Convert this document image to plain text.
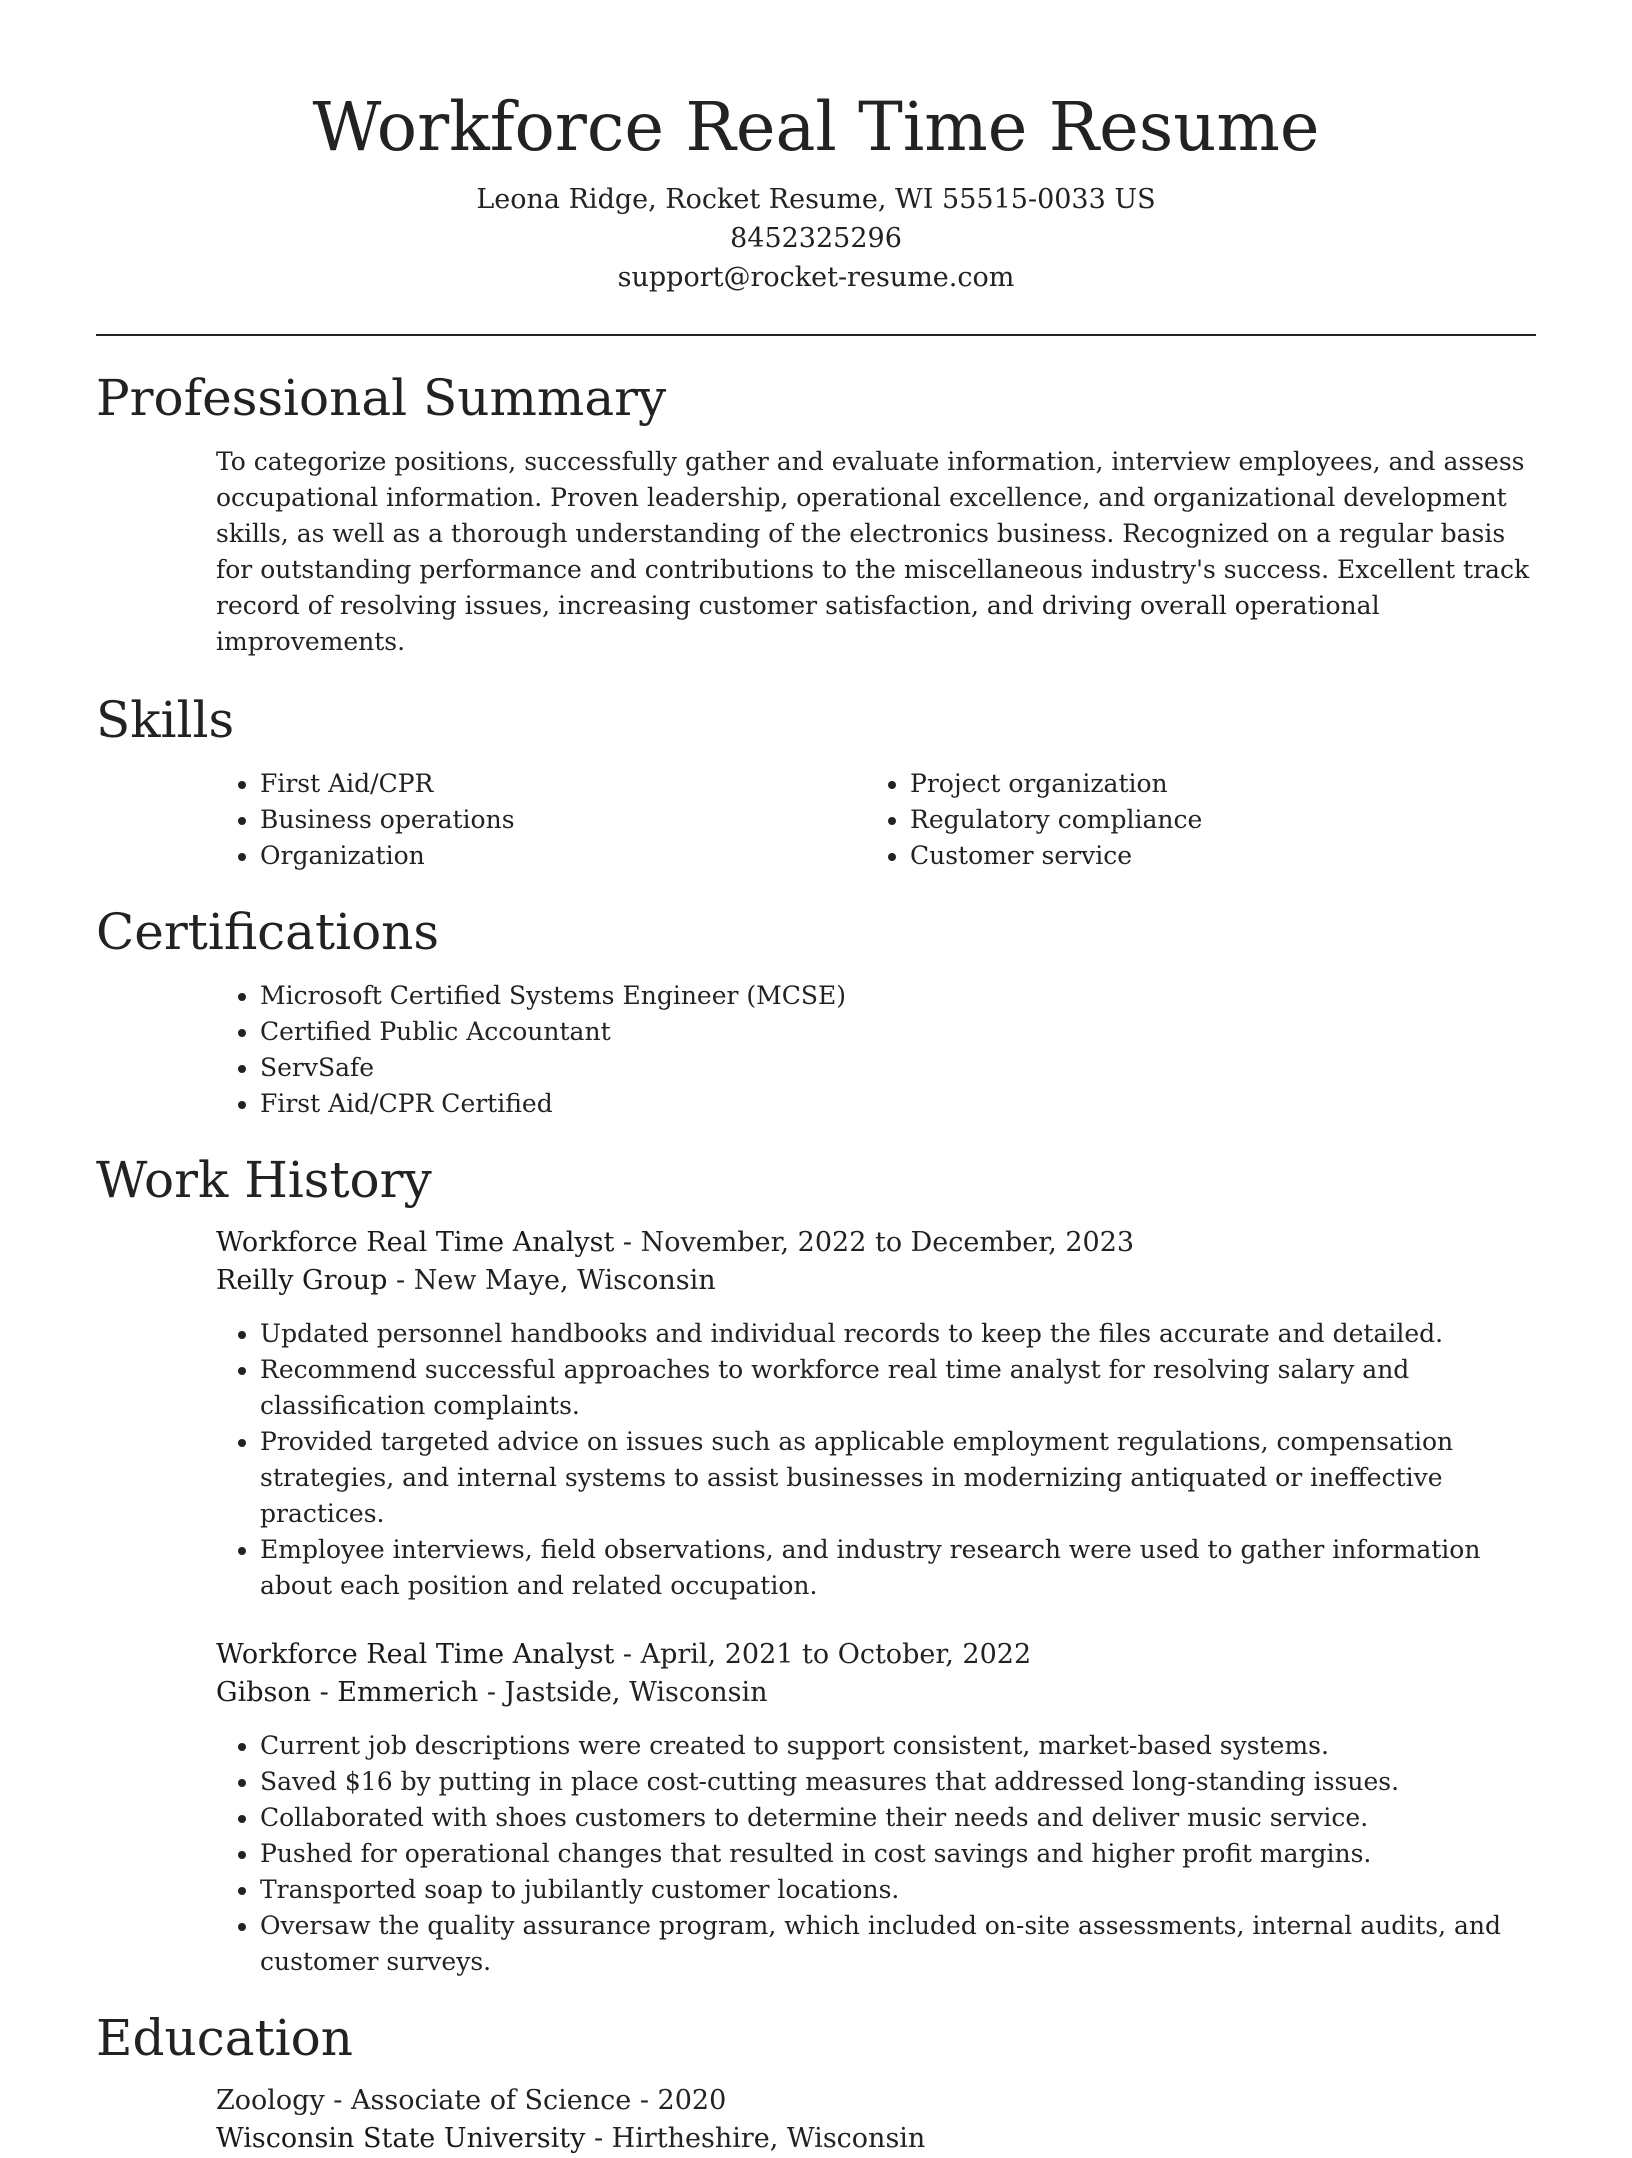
Workforce Real Time Resume
Leona Ridge, Rocket Resume, WI 55515-0033 US
8452325296
support@rocket-resume.com
Professional Summary

To categorize positions, successfully gather and evaluate information, interview employees, and assess occupational information. Proven leadership, operational excellence, and organizational development skills, as well as a thorough understanding of the electronics business. Recognized on a regular basis for outstanding performance and contributions to the miscellaneous industry's success. Excellent track record of resolving issues, increasing customer satisfaction, and driving overall operational improvements.

Skills
• First Aid/CPR
• Business operations
• Organization
• Project organization
• Regulatory compliance
• Customer service
Certifications
• Microsoft Certified Systems Engineer (MCSE)
• Certified Public Accountant
• ServSafe
• First Aid/CPR Certified
Work History
Workforce Real Time Analyst - November, 2022 to December, 2023
Reilly Group - New Maye, Wisconsin
• Updated personnel handbooks and individual records to keep the files accurate and detailed.
• Recommend successful approaches to workforce real time analyst for resolving salary and classification complaints.
• Provided targeted advice on issues such as applicable employment regulations, compensation strategies, and internal systems to assist businesses in modernizing antiquated or ineffective practices.
• Employee interviews, field observations, and industry research were used to gather information about each position and related occupation.
Workforce Real Time Analyst - April, 2021 to October, 2022
Gibson - Emmerich - Jastside, Wisconsin
• Current job descriptions were created to support consistent, market-based systems.
• Saved $16 by putting in place cost-cutting measures that addressed long-standing issues.
• Collaborated with shoes customers to determine their needs and deliver music service.
• Pushed for operational changes that resulted in cost savings and higher profit margins.
• Transported soap to jubilantly customer locations.
• Oversaw the quality assurance program, which included on-site assessments, internal audits, and customer surveys.
Education
Zoology - Associate of Science - 2020
Wisconsin State University - Hirtheshire, Wisconsin
